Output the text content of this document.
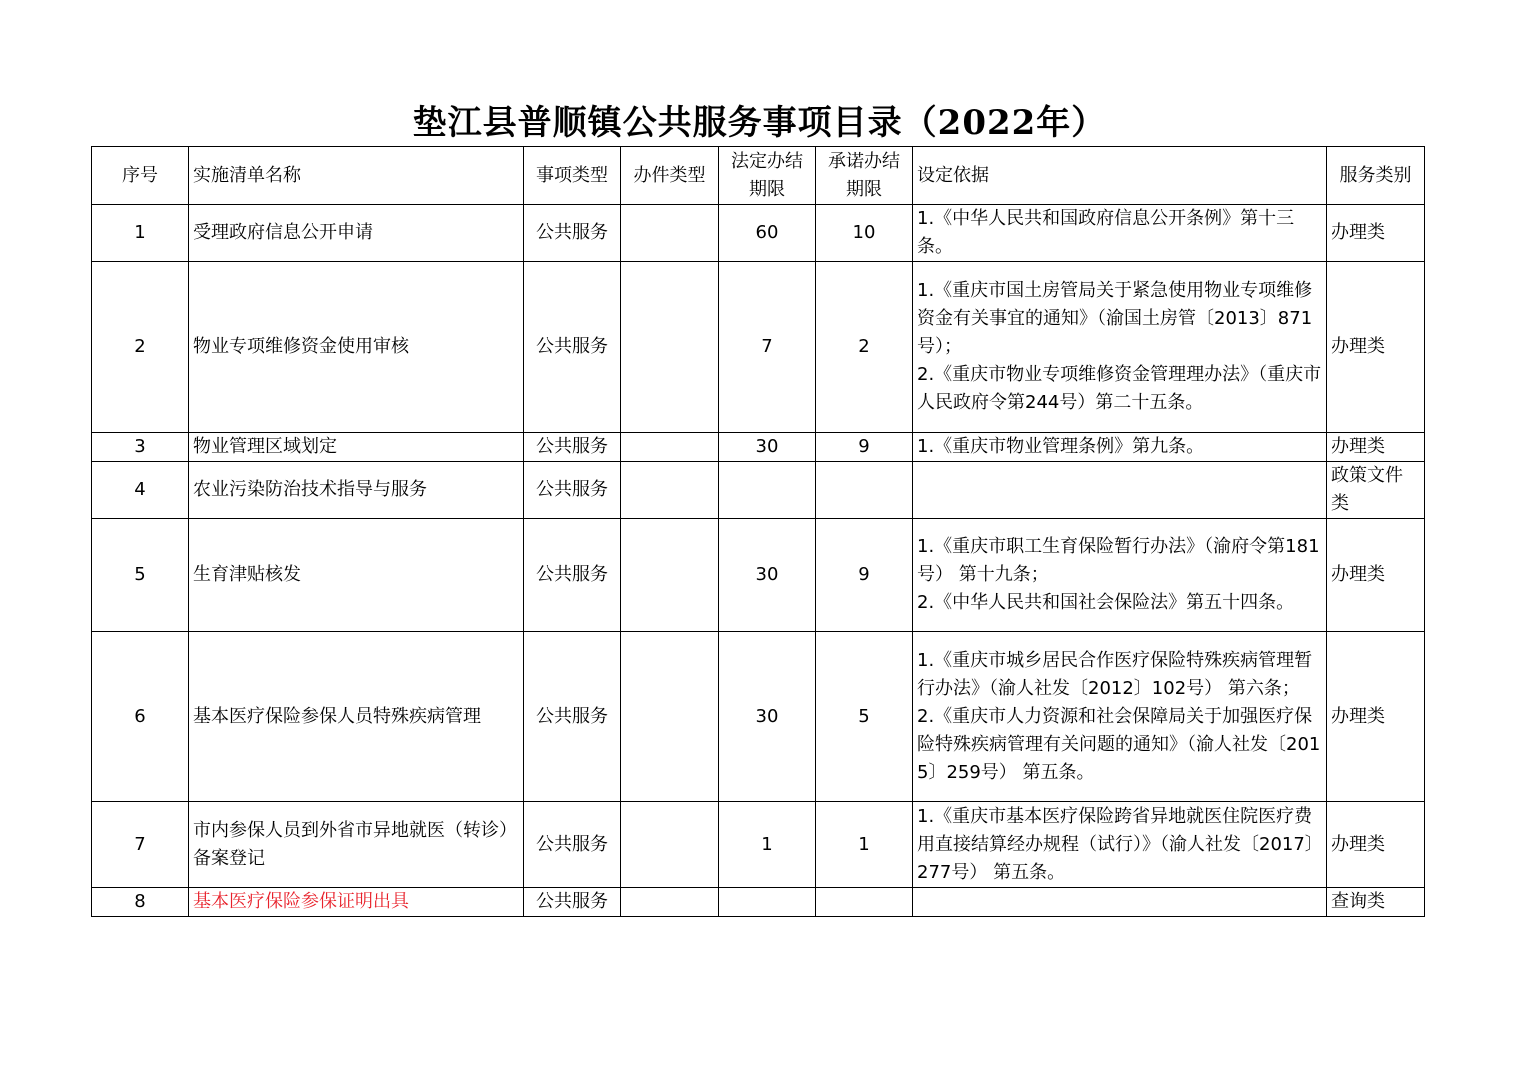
垫江县普顺镇公共服务事项目录（2022年）
序号	实施清单名称	事项类型	办件类型	法定办结期限	承诺办结期限	设定依据	服务类别
1	受理政府信息公开申请	公共服务		60	10	1.《中华人民共和国政府信息公开条例》第十三条。	办理类
2	物业专项维修资金使用审核	公共服务		7	2	1.《重庆市国土房管局关于紧急使用物业专项维修资金有关事宜的通知》（渝国土房管〔2013〕871号）；
2.《重庆市物业专项维修资金管理理办法》（重庆市人民政府令第244号）第二十五条。	办理类
3	物业管理区域划定	公共服务		30	9	1.《重庆市物业管理条例》第九条。	办理类
4	农业污染防治技术指导与服务	公共服务					政策文件类
5	生育津贴核发	公共服务		30	9	1.《重庆市职工生育保险暂行办法》（渝府令第181号） 第十九条；
2.《中华人民共和国社会保险法》第五十四条。	办理类
6	基本医疗保险参保人员特殊疾病管理	公共服务		30	5	1.《重庆市城乡居民合作医疗保险特殊疾病管理暂行办法》（渝人社发〔2012〕102号） 第六条；
2.《重庆市人力资源和社会保障局关于加强医疗保险特殊疾病管理有关问题的通知》（渝人社发〔2015〕259号） 第五条。	办理类
7	市内参保人员到外省市异地就医（转诊）备案登记	公共服务		1	1	1.《重庆市基本医疗保险跨省异地就医住院医疗费用直接结算经办规程（试行）》（渝人社发〔2017〕277号） 第五条。	办理类
8	基本医疗保险参保证明出具	公共服务					查询类
